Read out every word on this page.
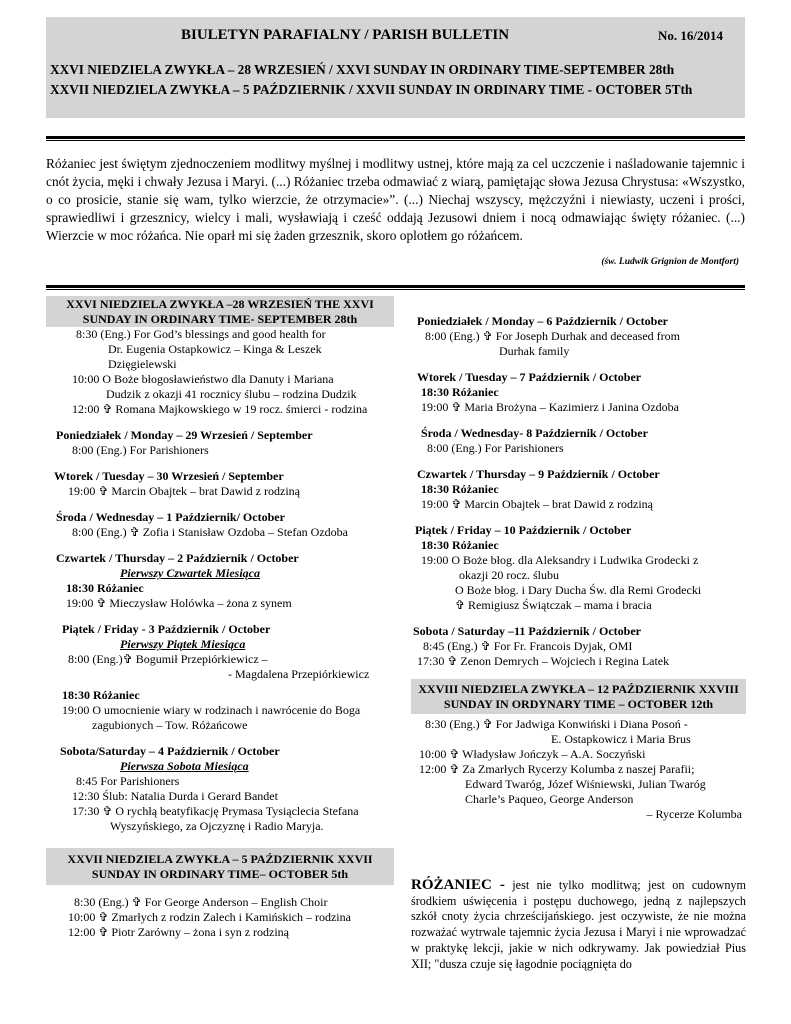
BIULETYN PARAFIALNY / PARISH BULLETIN	No. 16/2014
XXVI NIEDZIELA ZWYKŁA – 28 WRZESIEŃ / XXVI SUNDAY IN ORDINARY TIME-SEPTEMBER 28th
XXVII NIEDZIELA ZWYKŁA – 5 PAŹDZIERNIK / XXVII SUNDAY IN ORDINARY TIME - OCTOBER 5Tth
Różaniec jest świętym zjednoczeniem modlitwy myślnej i modlitwy ustnej, które mają za cel uczczenie i naśladowanie tajemnic i cnót życia, męki i chwały Jezusa i Maryi. (...) Różaniec trzeba odmawiać z wiarą, pamiętając słowa Jezusa Chrystusa: «Wszystko, o co prosicie, stanie się wam, tylko wierzcie, że otrzymacie»”. (...) Niechaj wszyscy, mężczyźni i niewiasty, uczeni i prości, sprawiedliwi i grzesznicy, wielcy i mali, wysławiają i cześć oddają Jezusowi dniem i nocą odmawiając święty różaniec. (...) Wierzcie w moc różańca. Nie oparł mi się żaden grzesznik, skoro oplotłem go różańcem.
(św. Ludwik Grignion de Montfort)
XXVI NIEDZIELA ZWYKŁA –28 WRZESIEŃ THE XXVI SUNDAY IN ORDINARY TIME- SEPTEMBER 28th
8:30 (Eng.) For God’s blessings and good health for
Dr. Eugenia Ostapkowicz – Kinga & Leszek
Dzięgielewski
10:00 O Boże błogosławieństwo dla Danuty i Mariana
Dudzik z okazji 41 rocznicy ślubu – rodzina Dudzik
12:00 ✞ Romana Majkowskiego w 19 rocz. śmierci - rodzina
Poniedziałek / Monday – 29 Wrzesień / September
8:00 (Eng.) For Parishioners
Wtorek / Tuesday – 30 Wrzesień / September
19:00 ✞ Marcin Obajtek – brat Dawid z rodziną
Środa / Wednesday – 1 Październik/ October
8:00 (Eng.) ✞ Zofia i Stanisław Ozdoba – Stefan Ozdoba
Czwartek / Thursday – 2 Październik / October
Pierwszy Czwartek Miesiąca
18:30 Różaniec
19:00 ✞ Mieczysław Holówka – żona z synem
Piątek / Friday - 3 Październik / October
Pierwszy Piątek Miesiąca
8:00 (Eng.)✞ Bogumił Przepiórkiewicz –
- Magdalena Przepiórkiewicz
18:30 Różaniec
19:00 O umocnienie wiary w rodzinach i nawrócenie do Boga
zagubionych – Tow. Różańcowe
Sobota/Saturday – 4 Październik / October
Pierwsza Sobota Miesiąca
8:45 For Parishioners
12:30 Ślub: Natalia Durda i Gerard Bandet
17:30 ✞ O rychłą beatyfikację Prymasa Tysiąclecia Stefana
Wyszyńskiego, za Ojczyznę i Radio Maryja.
XXVII NIEDZIELA ZWYKŁA – 5 PAŹDZIERNIK XXVII SUNDAY IN ORDINARY TIME– OCTOBER 5th
8:30 (Eng.) ✞ For George Anderson – English Choir
10:00 ✞ Zmarłych z rodzin Zalech i Kamińskich – rodzina
12:00 ✞ Piotr Zarówny – żona i syn z rodziną
Poniedziałek / Monday – 6 Październik / October
8:00 (Eng.) ✞ For Joseph Durhak and deceased from
Durhak family
Wtorek / Tuesday – 7 Październik / October
18:30 Różaniec
19:00 ✞ Maria Brożyna – Kazimierz i Janina Ozdoba
Środa / Wednesday- 8 Październik / October
8:00 (Eng.) For Parishioners
Czwartek / Thursday – 9 Październik / October
18:30 Różaniec
19:00 ✞ Marcin Obajtek – brat Dawid z rodziną
Piątek / Friday – 10 Październik / October
18:30 Różaniec
19:00 O Boże błog. dla Aleksandry i Ludwika Grodecki z
okazji 20 rocz. ślubu
O Boże błog. i Dary Ducha Św. dla Remi Grodecki
✞ Remigiusz Świątczak – mama i bracia
Sobota / Saturday –11 Październik / October
8:45 (Eng.) ✞ For Fr. Francois Dyjak, OMI
17:30 ✞ Zenon Demrych – Wojciech i Regina Latek
XXVIII NIEDZIELA ZWYKŁA – 12 PAŹDZIERNIK XXVIII SUNDAY IN ORDYNARY TIME – OCTOBER 12th
8:30 (Eng.) ✞ For Jadwiga Konwiński i Diana Posoń -
E. Ostapkowicz i Maria Brus
10:00 ✞ Władysław Jończyk – A.A. Soczyński
12:00 ✞ Za Zmarłych Rycerzy Kolumba z naszej Parafii;
Edward Twaróg, Józef Wiśniewski, Julian Twaróg
Charle’s Paqueo, George Anderson
– Rycerze Kolumba
RÓŻANIEC - jest nie tylko modlitwą; jest on cudownym środkiem uświęcenia i postępu duchowego, jedną z najlepszych szkół cnoty życia chrześcijańskiego. jest oczywiste, że nie można rozważać wytrwale tajemnic życia Jezusa i Maryi i nie wprowadzać w praktykę lekcji, jakie w nich odkrywamy. Jak powiedział Pius XII; "dusza czuje się łagodnie pociągnięta do
